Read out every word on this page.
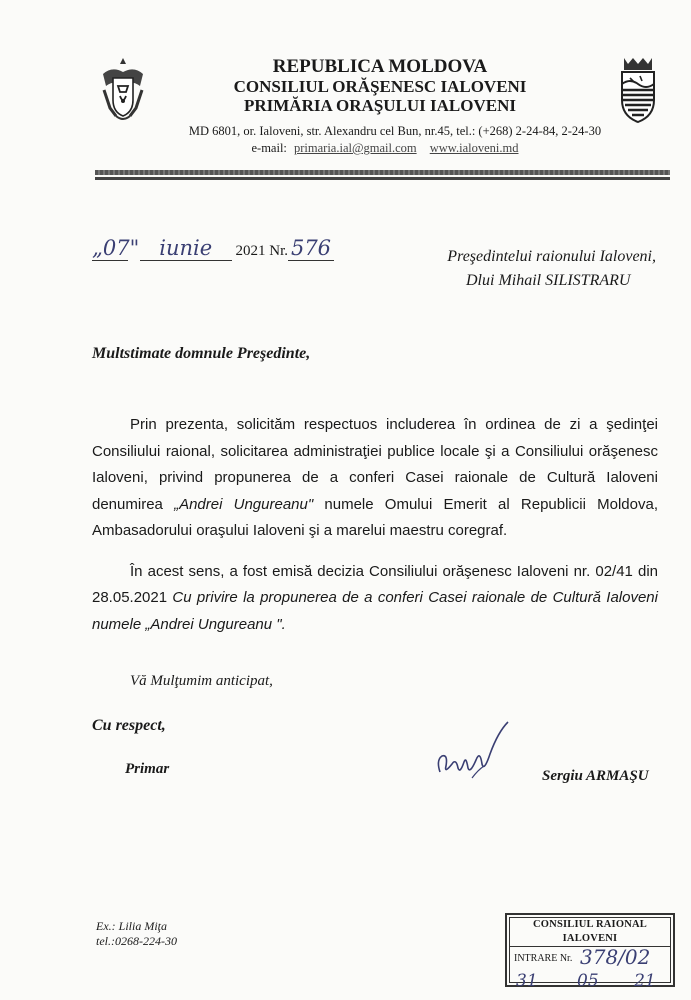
REPUBLICA MOLDOVA
CONSILIUL ORĂŞENESC IALOVENI
PRIMĂRIA ORAŞULUI IALOVENI
MD 6801, or. Ialoveni, str. Alexandru cel Bun, nr.45, tel.: (+268) 2-24-84, 2-24-30
e-mail: primaria.ial@gmail.com www.ialoveni.md
„07" iunie 2021 Nr. 576	Preşedintelui raionului Ialoveni,
Dlui Mihail SILISTRARU
Multstimate domnule Preşedinte,

Prin prezenta, solicităm respectuos includerea în ordinea de zi a şedinţei Consiliului raional, solicitarea administraţiei publice locale şi a Consiliului orăşenesc Ialoveni, privind propunerea de a conferi Casei raionale de Cultură Ialoveni denumirea „Andrei Ungureanu" numele Omului Emerit al Republicii Moldova, Ambasadorului oraşului Ialoveni şi a marelui maestru coregraf.

În acest sens, a fost emisă decizia Consiliului orăşenesc Ialoveni nr. 02/41 din 28.05.2021 Cu privire la propunerea de a conferi Casei raionale de Cultură Ialoveni numele „Andrei Ungureanu ".

Vă Mulţumim anticipat,
Cu respect,
Primar	Sergiu ARMAŞU
Ex.: Lilia Miţa
tel.:0268-224-30
CONSILIUL RAIONAL IALOVENI
INTRARE Nr. 378/02
31 05 21
